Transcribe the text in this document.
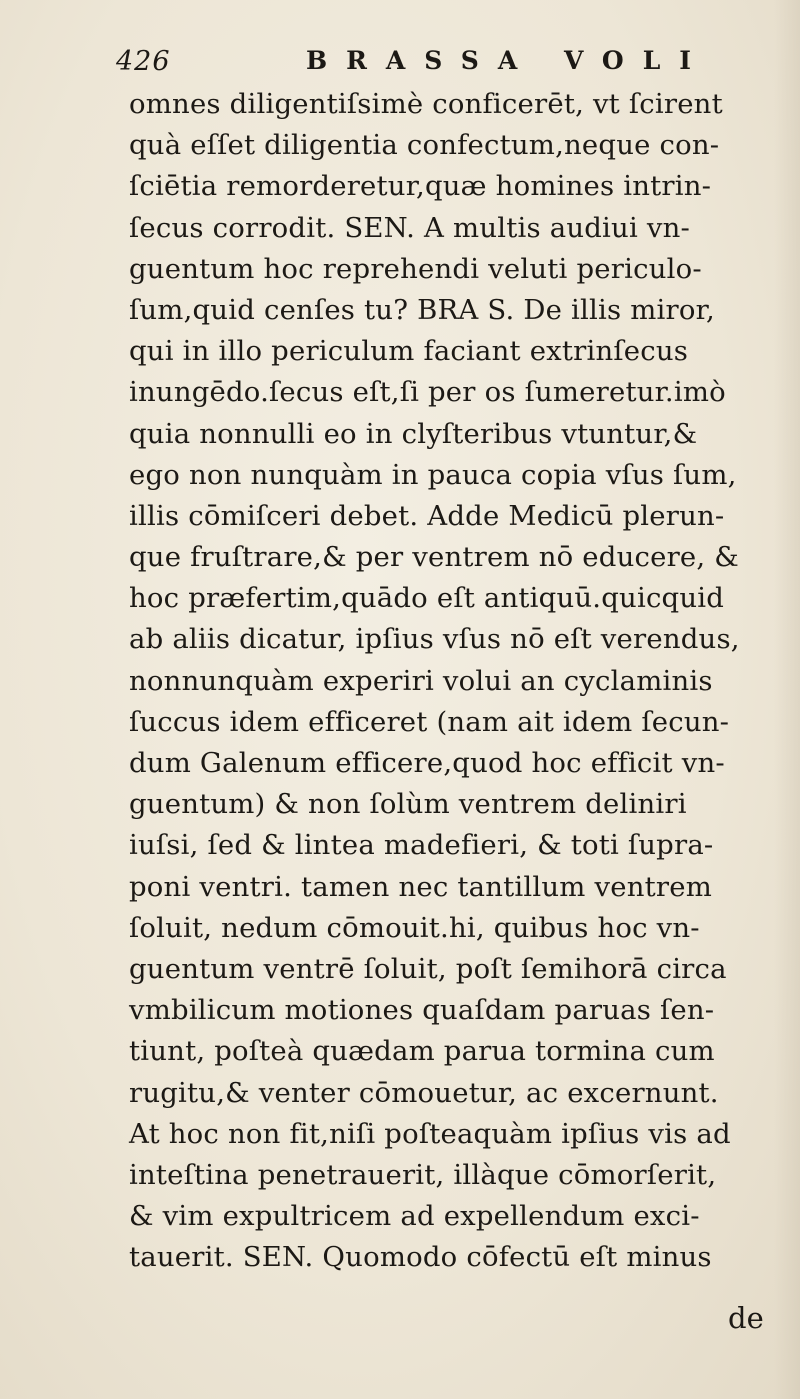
426	BRASSA VOLI
omnes diligentiſsimè conficerēt, vt ſcirent
quà eſſet diligentia confectum,neque con-
ſciētia remorderetur,quæ homines intrin-
ſecus corrodit. SEN. A multis audiui vn-
guentum hoc reprehendi veluti periculo-
ſum,quid cenſes tu? BRA S. De illis miror,
qui in illo periculum faciant extrinſecus
inungēdo.ſecus eſt,ſi per os ſumeretur.imò
quia nonnulli eo in clyſteribus vtuntur,&
ego non nunquàm in pauca copia vſus ſum,
illis cōmiſceri debet. Adde Medicū plerun-
que fruſtrare,& per ventrem nō educere, &
hoc præfertim,quādo eſt antiquū.quicquid
ab aliis dicatur, ipſius vſus nō eſt verendus,
nonnunquàm experiri volui an cyclaminis
ſuccus idem efficeret (nam ait idem ſecun-
dum Galenum efficere,quod hoc efficit vn-
guentum) & non ſolùm ventrem deliniri
iuſsi, ſed & lintea madefieri, & toti ſupra-
poni ventri. tamen nec tantillum ventrem
ſoluit, nedum cōmouit.hi, quibus hoc vn-
guentum ventrē ſoluit, poſt ſemihorā circa
vmbilicum motiones quaſdam paruas ſen-
tiunt, poſteà quædam parua tormina cum
rugitu,& venter cōmouetur, ac excernunt.
At hoc non fit,niſi poſteaquàm ipſius vis ad
inteſtina penetrauerit, illàque cōmorſerit,
& vim expultricem ad expellendum exci-
tauerit. SEN. Quomodo cōfectū eſt minus
de
